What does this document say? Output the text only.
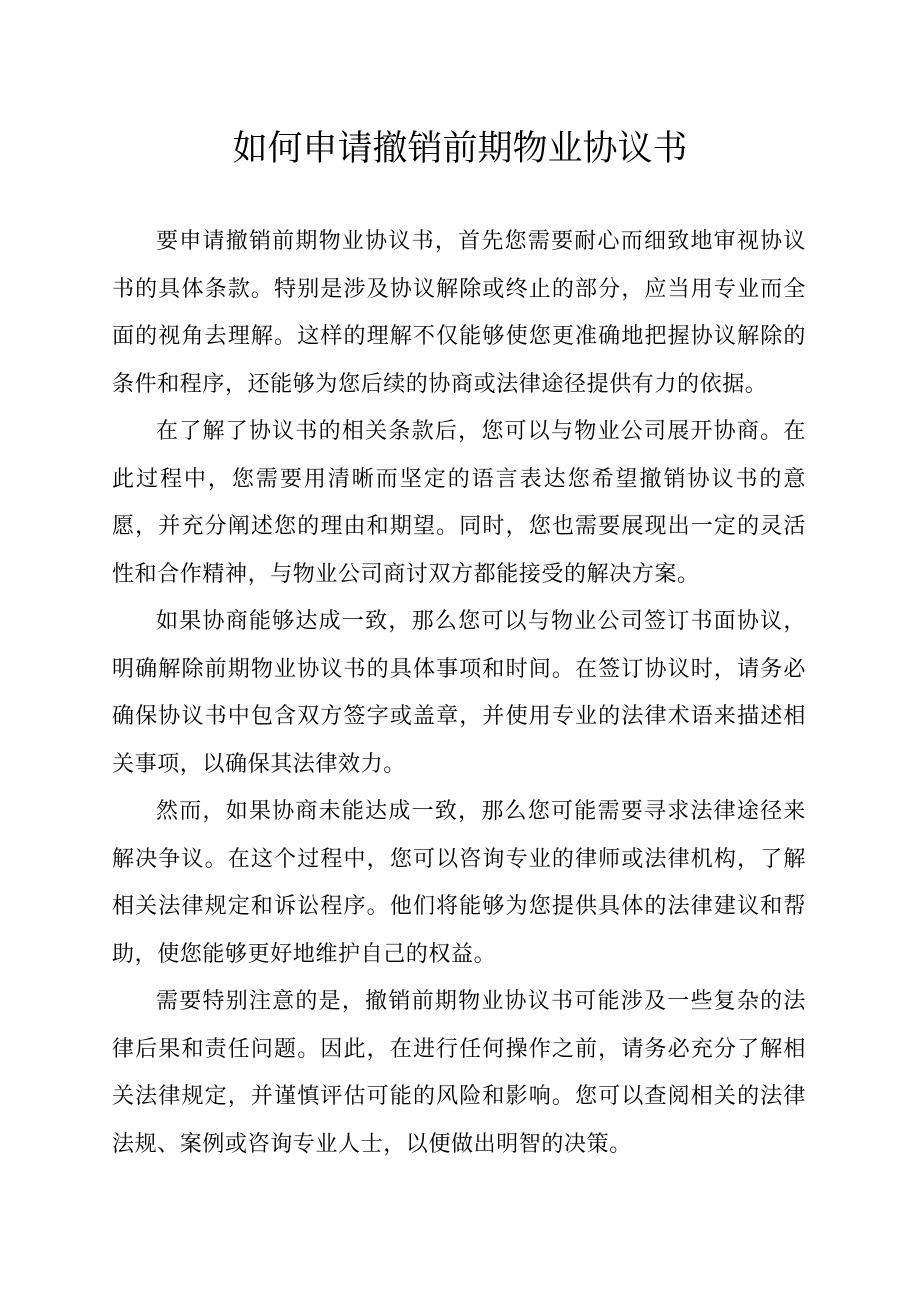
如何申请撤销前期物业协议书

要申请撤销前期物业协议书，首先您需要耐心而细致地审视协议书的具体条款。特别是涉及协议解除或终止的部分，应当用专业而全面的视角去理解。这样的理解不仅能够使您更准确地把握协议解除的条件和程序，还能够为您后续的协商或法律途径提供有力的依据。

在了解了协议书的相关条款后，您可以与物业公司展开协商。在此过程中，您需要用清晰而坚定的语言表达您希望撤销协议书的意愿，并充分阐述您的理由和期望。同时，您也需要展现出一定的灵活性和合作精神，与物业公司商讨双方都能接受的解决方案。

如果协商能够达成一致，那么您可以与物业公司签订书面协议，明确解除前期物业协议书的具体事项和时间。在签订协议时，请务必确保协议书中包含双方签字或盖章，并使用专业的法律术语来描述相关事项，以确保其法律效力。

然而，如果协商未能达成一致，那么您可能需要寻求法律途径来解决争议。在这个过程中，您可以咨询专业的律师或法律机构，了解相关法律规定和诉讼程序。他们将能够为您提供具体的法律建议和帮助，使您能够更好地维护自己的权益。

需要特别注意的是，撤销前期物业协议书可能涉及一些复杂的法律后果和责任问题。因此，在进行任何操作之前，请务必充分了解相关法律规定，并谨慎评估可能的风险和影响。您可以查阅相关的法律法规、案例或咨询专业人士，以便做出明智的决策。
